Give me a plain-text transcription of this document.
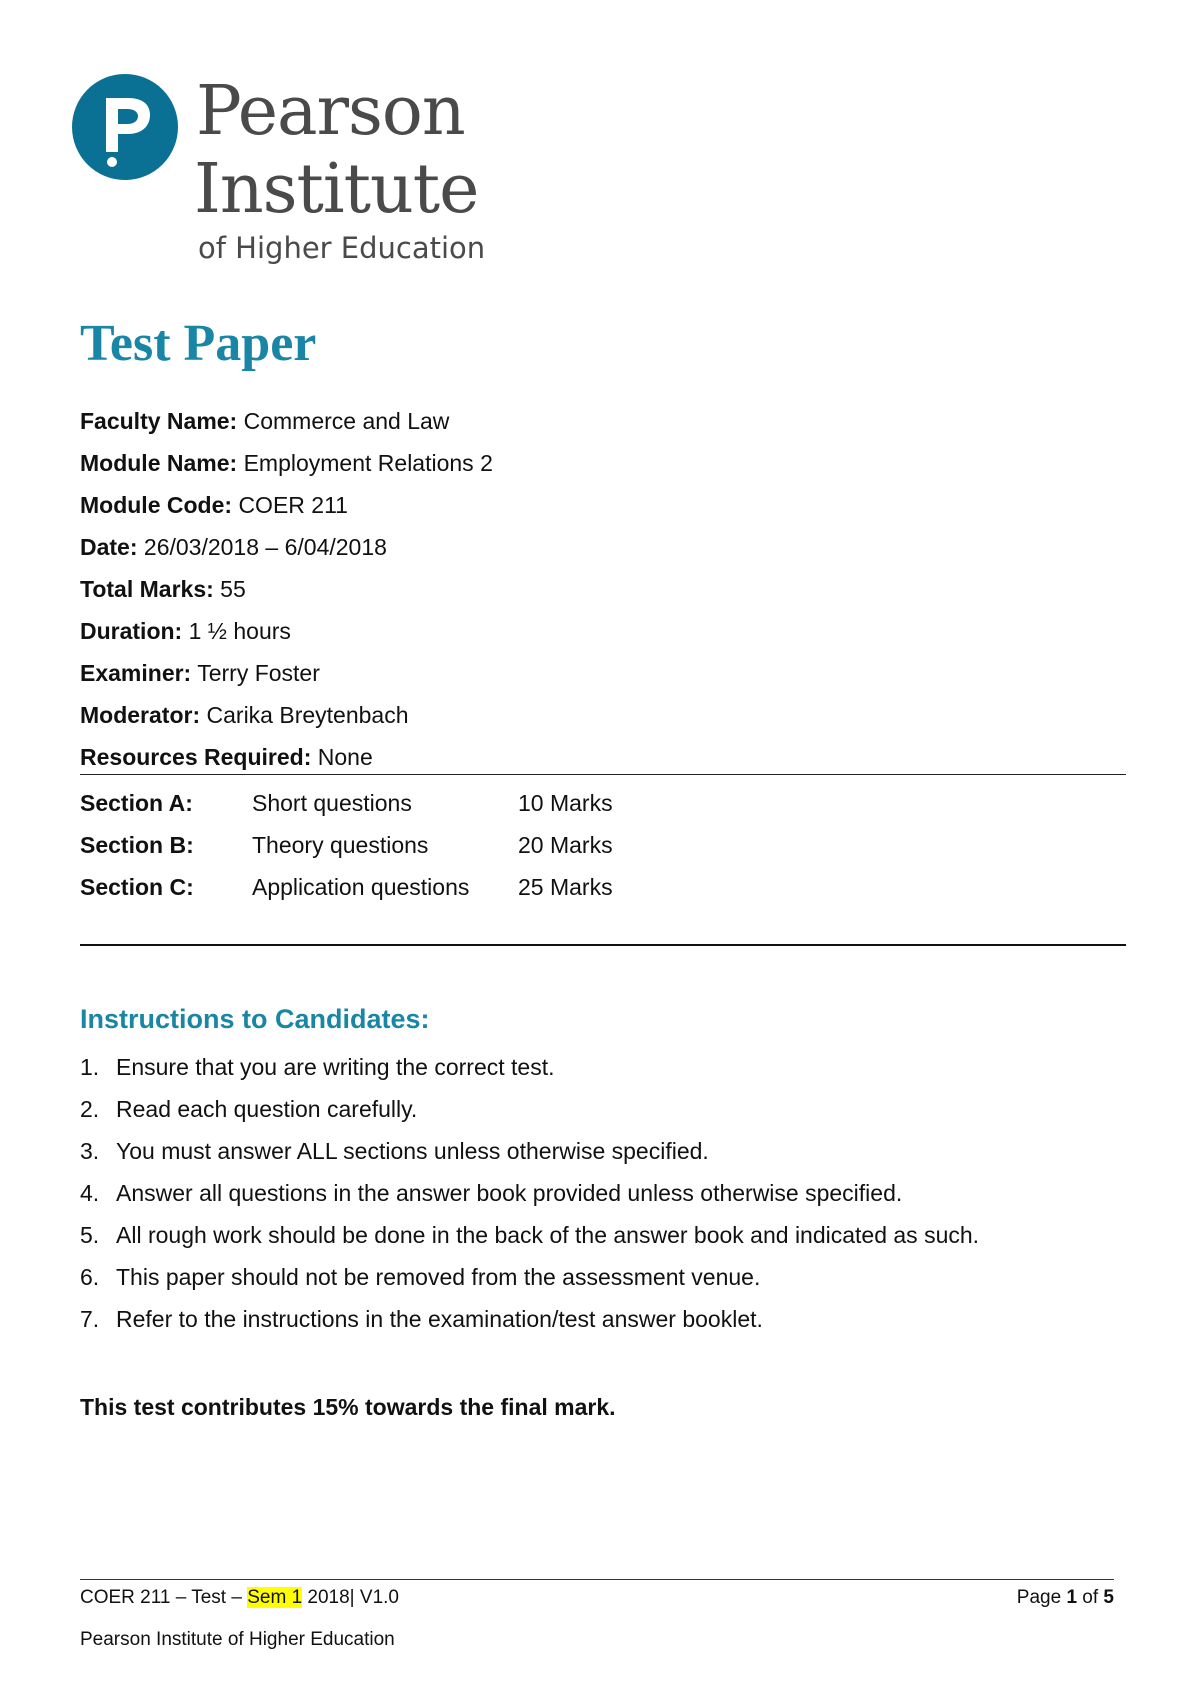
Pearson
Institute
of Higher Education
Test Paper
Faculty Name: Commerce and Law
Module Name: Employment Relations 2
Module Code: COER 211
Date: 26/03/2018 – 6/04/2018
Total Marks: 55
Duration: 1 ½ hours
Examiner: Terry Foster
Moderator: Carika Breytenbach
Resources Required: None
Section A:	Short questions	10 Marks
Section B:	Theory questions	20 Marks
Section C:	Application questions 25 Marks
Instructions to Candidates:
1. Ensure that you are writing the correct test.
2. Read each question carefully.
3. You must answer ALL sections unless otherwise specified.
4. Answer all questions in the answer book provided unless otherwise specified.
5. All rough work should be done in the back of the answer book and indicated as such.
6. This paper should not be removed from the assessment venue.
7. Refer to the instructions in the examination/test answer booklet.
This test contributes 15% towards the final mark.
COER 211 – Test – Sem 1 2018| V1.0	Page 1 of 5
Pearson Institute of Higher Education
